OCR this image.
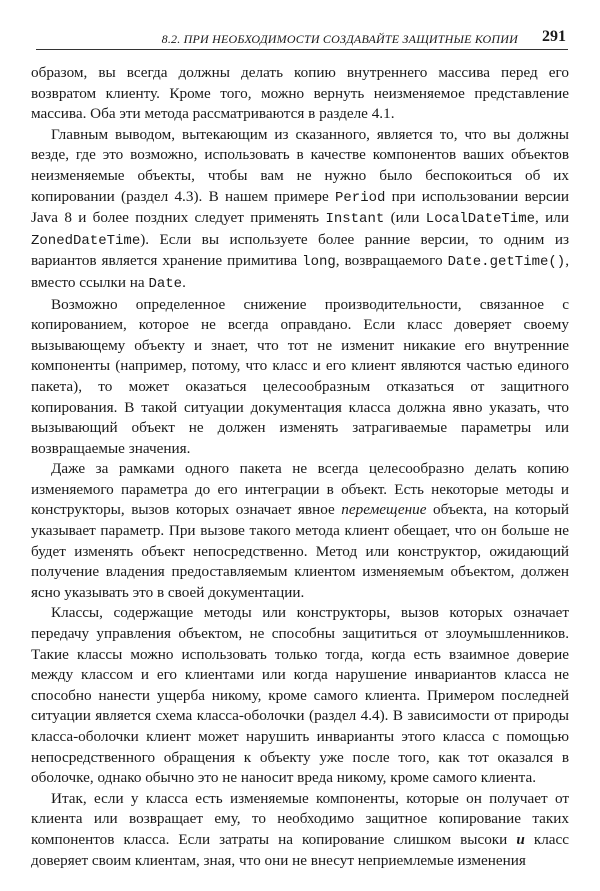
8.2. ПРИ НЕОБХОДИМОСТИ СОЗДАВАЙТЕ ЗАЩИТНЫЕ КОПИИ 291

образом, вы всегда должны делать копию внутреннего массива перед его возвратом клиенту. Кроме того, можно вернуть неизменяемое представление массива. Оба эти метода рассматриваются в разделе 4.1.

Главным выводом, вытекающим из сказанного, является то, что вы должны везде, где это возможно, использовать в качестве компонентов ваших объектов неизменяемые объекты, чтобы вам не нужно было беспокоиться об их копировании (раздел 4.3). В нашем примере Period при использовании версии Java 8 и более поздних следует применять Instant (или LocalDateTime, или ZonedDateTime). Если вы используете более ранние версии, то одним из вариантов является хранение примитива long, возвращаемого Date.getTime(), вместо ссылки на Date.

Возможно определенное снижение производительности, связанное с копированием, которое не всегда оправдано. Если класс доверяет своему вызывающему объекту и знает, что тот не изменит никакие его внутренние компоненты (например, потому, что класс и его клиент являются частью единого пакета), то может оказаться целесообразным отказаться от защитного копирования. В такой ситуации документация класса должна явно указать, что вызывающий объект не должен изменять затрагиваемые параметры или возвращаемые значения.

Даже за рамками одного пакета не всегда целесообразно делать копию изменяемого параметра до его интеграции в объект. Есть некоторые методы и конструкторы, вызов которых означает явное перемещение объекта, на который указывает параметр. При вызове такого метода клиент обещает, что он больше не будет изменять объект непосредственно. Метод или конструктор, ожидающий получение владения предоставляемым клиентом изменяемым объектом, должен ясно указывать это в своей документации.

Классы, содержащие методы или конструкторы, вызов которых означает передачу управления объектом, не способны защититься от злоумышленников. Такие классы можно использовать только тогда, когда есть взаимное доверие между классом и его клиентами или когда нарушение инвариантов класса не способно нанести ущерба никому, кроме самого клиента. Примером последней ситуации является схема класса-оболочки (раздел 4.4). В зависимости от природы класса-оболочки клиент может нарушить инварианты этого класса с помощью непосредственного обращения к объекту уже после того, как тот оказался в оболочке, однако обычно это не наносит вреда никому, кроме самого клиента.

Итак, если у класса есть изменяемые компоненты, которые он получает от клиента или возвращает ему, то необходимо защитное копирование таких компонентов класса. Если затраты на копирование слишком высоки и класс доверяет своим клиентам, зная, что они не внесут неприемлемые изменения
